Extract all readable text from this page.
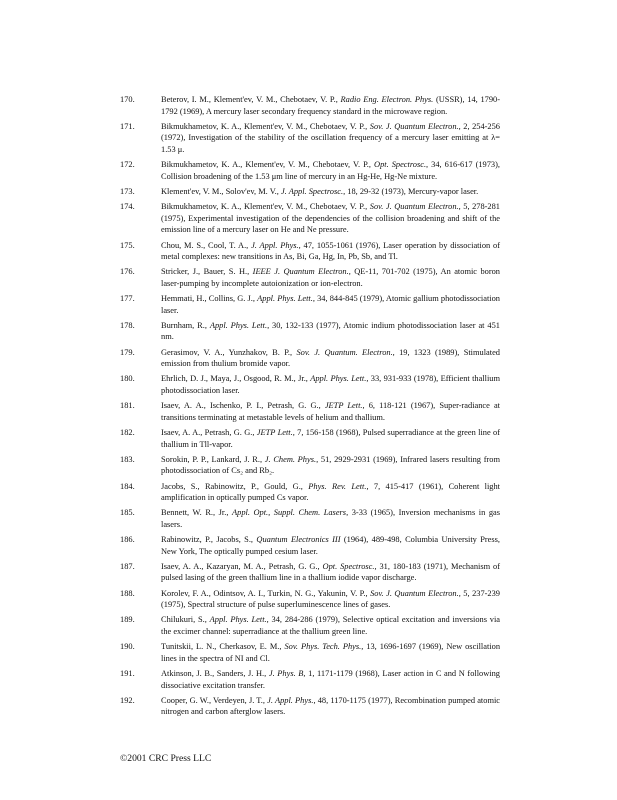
170.	Beterov, I. M., Klement'ev, V. M., Chebotaev, V. P., Radio Eng. Electron. Phys. (USSR), 14, 1790-1792 (1969), A mercury laser secondary frequency standard in the microwave region.
171.	Bikmukhametov, K. A., Klement'ev, V. M., Chebotaev, V. P., Sov. J. Quantum Electron., 2, 254-256 (1972), Investigation of the stability of the oscillation frequency of a mercury laser emitting at λ= 1.53 μ.
172.	Bikmukhametov, K. A., Klement'ev, V. M., Chebotaev, V. P., Opt. Spectrosc., 34, 616-617 (1973), Collision broadening of the 1.53 μm line of mercury in an Hg-He, Hg-Ne mixture.
173.	Klement'ev, V. M., Solov'ev, M. V., J. Appl. Spectrosc., 18, 29-32 (1973), Mercury-vapor laser.
174.	Bikmukhametov, K. A., Klement'ev, V. M., Chebotaev, V. P., Sov. J. Quantum Electron., 5, 278-281 (1975), Experimental investigation of the dependencies of the collision broadening and shift of the emission line of a mercury laser on He and Ne pressure.
175.	Chou, M. S., Cool, T. A., J. Appl. Phys., 47, 1055-1061 (1976), Laser operation by dissociation of metal complexes: new transitions in As, Bi, Ga, Hg, In, Pb, Sb, and Tl.
176.	Stricker, J., Bauer, S. H., IEEE J. Quantum Electron., QE-11, 701-702 (1975), An atomic boron laser-pumping by incomplete autoionization or ion-electron.
177.	Hemmati, H., Collins, G. J., Appl. Phys. Lett., 34, 844-845 (1979), Atomic gallium photodissociation laser.
178.	Burnham, R., Appl. Phys. Lett., 30, 132-133 (1977), Atomic indium photodissociation laser at 451 nm.
179.	Gerasimov, V. A., Yunzhakov, B. P., Sov. J. Quantum. Electron., 19, 1323 (1989), Stimulated emission from thulium bromide vapor.
180.	Ehrlich, D. J., Maya, J., Osgood, R. M., Jr., Appl. Phys. Lett., 33, 931-933 (1978), Efficient thallium photodissociation laser.
181.	Isaev, A. A., Ischenko, P. I., Petrash, G. G., JETP Lett., 6, 118-121 (1967), Super-radiance at transitions terminating at metastable levels of helium and thallium.
182.	Isaev, A. A., Petrash, G. G., JETP Lett., 7, 156-158 (1968), Pulsed superradiance at the green line of thallium in Tll-vapor.
183.	Sorokin, P. P., Lankard, J. R., J. Chem. Phys., 51, 2929-2931 (1969), Infrared lasers resulting from photodissociation of Cs₂ and Rb₂.
184.	Jacobs, S., Rabinowitz, P., Gould, G., Phys. Rev. Lett., 7, 415-417 (1961), Coherent light amplification in optically pumped Cs vapor.
185.	Bennett, W. R., Jr., Appl. Opt., Suppl. Chem. Lasers, 3-33 (1965), Inversion mechanisms in gas lasers.
186.	Rabinowitz, P., Jacobs, S., Quantum Electronics III (1964), 489-498, Columbia University Press, New York, The optically pumped cesium laser.
187.	Isaev, A. A., Kazaryan, M. A., Petrash, G. G., Opt. Spectrosc., 31, 180-183 (1971), Mechanism of pulsed lasing of the green thallium line in a thallium iodide vapor discharge.
188.	Korolev, F. A., Odintsov, A. I., Turkin, N. G., Yakunin, V. P., Sov. J. Quantum Electron., 5, 237-239 (1975), Spectral structure of pulse superluminescence lines of gases.
189.	Chilukuri, S., Appl. Phys. Lett., 34, 284-286 (1979), Selective optical excitation and inversions via the excimer channel: superradiance at the thallium green line.
190.	Tunitskii, L. N., Cherkasov, E. M., Sov. Phys. Tech. Phys., 13, 1696-1697 (1969), New oscillation lines in the spectra of NI and Cl.
191.	Atkinson, J. B., Sanders, J. H., J. Phys. B, 1, 1171-1179 (1968), Laser action in C and N following dissociative excitation transfer.
192.	Cooper, G. W., Verdeyen, J. T., J. Appl. Phys., 48, 1170-1175 (1977), Recombination pumped atomic nitrogen and carbon afterglow lasers.
©2001 CRC Press LLC
